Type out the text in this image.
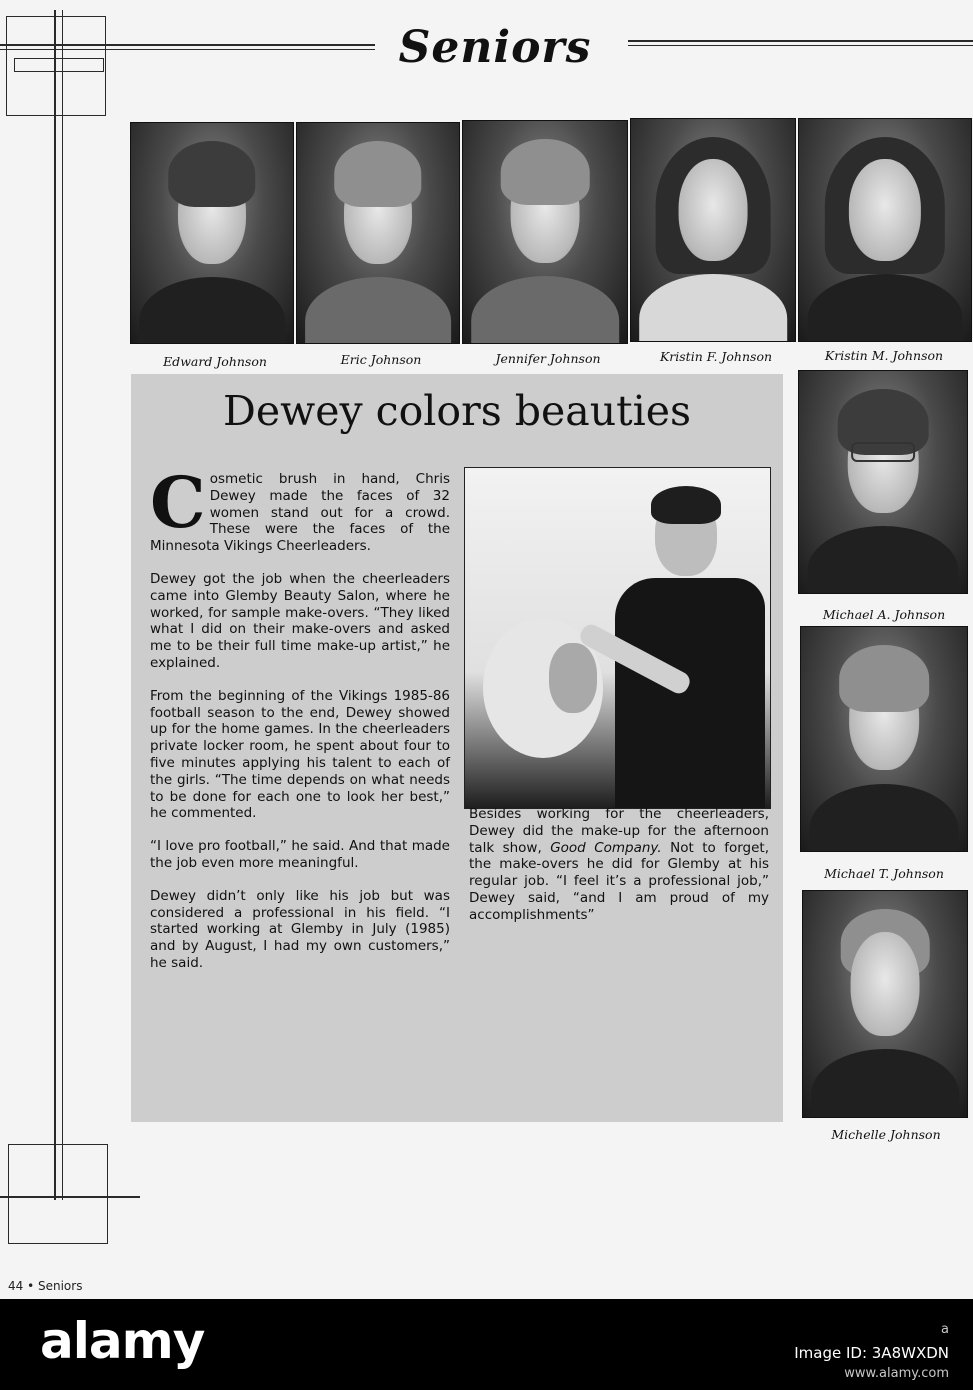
Seniors
Edward Johnson	Eric Johnson	Jennifer Johnson	Kristin F. Johnson	Kristin M. Johnson
Michael A. Johnson
Michael T. Johnson
Michelle Johnson
Dewey colors beauties

Cosmetic brush in hand, Chris Dewey made the faces of 32 women stand out for a crowd. These were the faces of the Minnesota Vikings Cheerleaders.

Dewey got the job when the cheerleaders came into Glemby Beauty Salon, where he worked, for sample make-overs. “They liked what I did on their make-overs and asked me to be their full time make-up artist,” he explained.

From the beginning of the Vikings 1985-86 football season to the end, Dewey showed up for the home games. In the cheerleaders private locker room, he spent about four to five minutes applying his talent to each of the girls. “The time depends on what needs to be done for each one to look her best,” he commented.

“I love pro football,” he said. And that made the job even more meaningful.

Dewey didn’t only like his job but was considered a professional in his field. “I started working at Glemby in July (1985) and by August, I had my own customers,” he said.

Besides working for the cheerleaders, Dewey did the make-up for the afternoon talk show, Good Company. Not to forget, the make-overs he did for Glemby at his regular job. “I feel it’s a professional job,” Dewey said, “and I am proud of my accomplishments”

44 • Seniors
alamy	a
Image ID: 3A8WXDN
www.alamy.com
